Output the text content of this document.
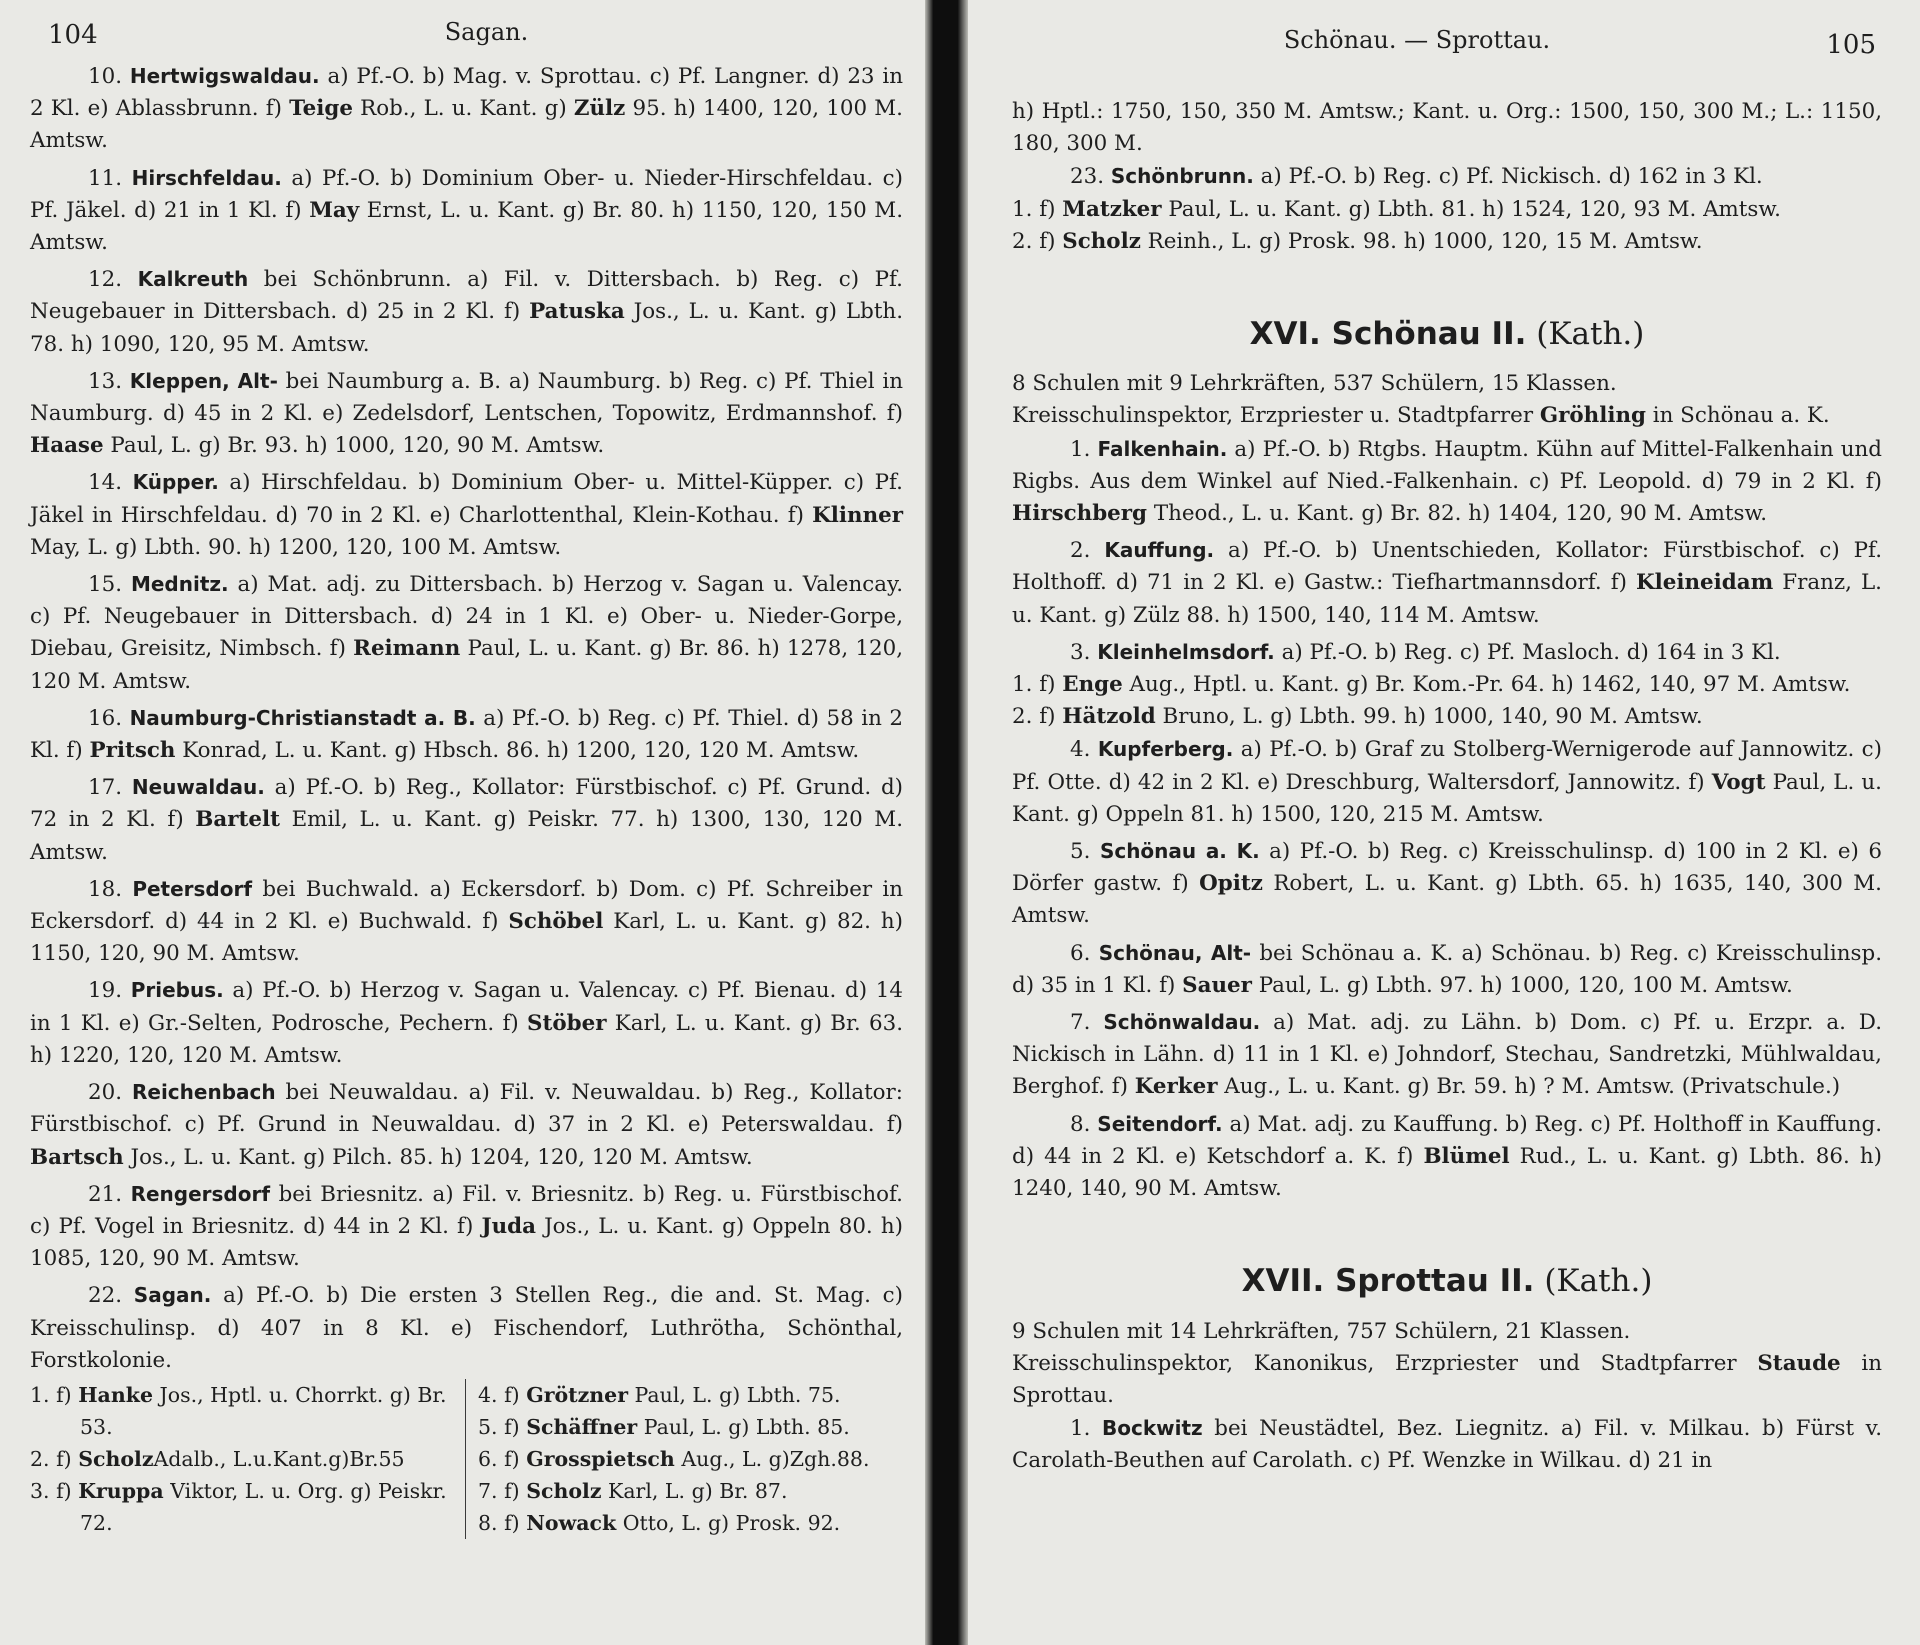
104	Sagan.

10. Hertwigswaldau. a) Pf.-O. b) Mag. v. Sprottau. c) Pf. Langner. d) 23 in 2 Kl. e) Ablassbrunn. f) Teige Rob., L. u. Kant. g) Zülz 95. h) 1400, 120, 100 M. Amtsw.

11. Hirschfeldau. a) Pf.-O. b) Dominium Ober- u. Nieder-Hirschfeldau. c) Pf. Jäkel. d) 21 in 1 Kl. f) May Ernst, L. u. Kant. g) Br. 80. h) 1150, 120, 150 M. Amtsw.

12. Kalkreuth bei Schönbrunn. a) Fil. v. Dittersbach. b) Reg. c) Pf. Neugebauer in Dittersbach. d) 25 in 2 Kl. f) Patuska Jos., L. u. Kant. g) Lbth. 78. h) 1090, 120, 95 M. Amtsw.

13. Kleppen, Alt- bei Naumburg a. B. a) Naumburg. b) Reg. c) Pf. Thiel in Naumburg. d) 45 in 2 Kl. e) Zedelsdorf, Lentschen, Topowitz, Erdmannshof. f) Haase Paul, L. g) Br. 93. h) 1000, 120, 90 M. Amtsw.

14. Küpper. a) Hirschfeldau. b) Dominium Ober- u. Mittel-Küpper. c) Pf. Jäkel in Hirschfeldau. d) 70 in 2 Kl. e) Charlottenthal, Klein-Kothau. f) Klinner May, L. g) Lbth. 90. h) 1200, 120, 100 M. Amtsw.

15. Mednitz. a) Mat. adj. zu Dittersbach. b) Herzog v. Sagan u. Valencay. c) Pf. Neugebauer in Dittersbach. d) 24 in 1 Kl. e) Ober- u. Nieder-Gorpe, Diebau, Greisitz, Nimbsch. f) Reimann Paul, L. u. Kant. g) Br. 86. h) 1278, 120, 120 M. Amtsw.

16. Naumburg-Christianstadt a. B. a) Pf.-O. b) Reg. c) Pf. Thiel. d) 58 in 2 Kl. f) Pritsch Konrad, L. u. Kant. g) Hbsch. 86. h) 1200, 120, 120 M. Amtsw.

17. Neuwaldau. a) Pf.-O. b) Reg., Kollator: Fürstbischof. c) Pf. Grund. d) 72 in 2 Kl. f) Bartelt Emil, L. u. Kant. g) Peiskr. 77. h) 1300, 130, 120 M. Amtsw.

18. Petersdorf bei Buchwald. a) Eckersdorf. b) Dom. c) Pf. Schreiber in Eckersdorf. d) 44 in 2 Kl. e) Buchwald. f) Schöbel Karl, L. u. Kant. g) 82. h) 1150, 120, 90 M. Amtsw.

19. Priebus. a) Pf.-O. b) Herzog v. Sagan u. Valencay. c) Pf. Bienau. d) 14 in 1 Kl. e) Gr.-Selten, Podrosche, Pechern. f) Stöber Karl, L. u. Kant. g) Br. 63. h) 1220, 120, 120 M. Amtsw.

20. Reichenbach bei Neuwaldau. a) Fil. v. Neuwaldau. b) Reg., Kollator: Fürstbischof. c) Pf. Grund in Neuwaldau. d) 37 in 2 Kl. e) Peterswaldau. f) Bartsch Jos., L. u. Kant. g) Pilch. 85. h) 1204, 120, 120 M. Amtsw.

21. Rengersdorf bei Briesnitz. a) Fil. v. Briesnitz. b) Reg. u. Fürstbischof. c) Pf. Vogel in Briesnitz. d) 44 in 2 Kl. f) Juda Jos., L. u. Kant. g) Oppeln 80. h) 1085, 120, 90 M. Amtsw.

22. Sagan. a) Pf.-O. b) Die ersten 3 Stellen Reg., die and. St. Mag. c) Kreisschulinsp. d) 407 in 8 Kl. e) Fischendorf, Luthrötha, Schönthal, Forstkolonie.

1. f) Hanke Jos., Hptl. u. Chorrkt. g) Br. 53.

2. f) ScholzAdalb., L.u.Kant.g)Br.55

3. f) Kruppa Viktor, L. u. Org. g) Peiskr. 72.

4. f) Grötzner Paul, L. g) Lbth. 75.

5. f) Schäffner Paul, L. g) Lbth. 85.

6. f) Grosspietsch Aug., L. g)Zgh.88.

7. f) Scholz Karl, L. g) Br. 87.

8. f) Nowack Otto, L. g) Prosk. 92.

Schönau. — Sprottau.	105

h) Hptl.: 1750, 150, 350 M. Amtsw.; Kant. u. Org.: 1500, 150, 300 M.; L.: 1150, 180, 300 M.

23. Schönbrunn. a) Pf.-O. b) Reg. c) Pf. Nickisch. d) 162 in 3 Kl.

1. f) Matzker Paul, L. u. Kant. g) Lbth. 81. h) 1524, 120, 93 M. Amtsw.

2. f) Scholz Reinh., L. g) Prosk. 98. h) 1000, 120, 15 M. Amtsw.

XVI. Schönau II. (Kath.)

8 Schulen mit 9 Lehrkräften, 537 Schülern, 15 Klassen.

Kreisschulinspektor, Erzpriester u. Stadtpfarrer Gröhling in Schönau a. K.

1. Falkenhain. a) Pf.-O. b) Rtgbs. Hauptm. Kühn auf Mittel-Falkenhain und Rigbs. Aus dem Winkel auf Nied.-Falkenhain. c) Pf. Leopold. d) 79 in 2 Kl. f) Hirschberg Theod., L. u. Kant. g) Br. 82. h) 1404, 120, 90 M. Amtsw.

2. Kauffung. a) Pf.-O. b) Unentschieden, Kollator: Fürstbischof. c) Pf. Holthoff. d) 71 in 2 Kl. e) Gastw.: Tiefhartmannsdorf. f) Kleineidam Franz, L. u. Kant. g) Zülz 88. h) 1500, 140, 114 M. Amtsw.

3. Kleinhelmsdorf. a) Pf.-O. b) Reg. c) Pf. Masloch. d) 164 in 3 Kl.

1. f) Enge Aug., Hptl. u. Kant. g) Br. Kom.-Pr. 64. h) 1462, 140, 97 M. Amtsw.

2. f) Hätzold Bruno, L. g) Lbth. 99. h) 1000, 140, 90 M. Amtsw.

4. Kupferberg. a) Pf.-O. b) Graf zu Stolberg-Wernigerode auf Jannowitz. c) Pf. Otte. d) 42 in 2 Kl. e) Dreschburg, Waltersdorf, Jannowitz. f) Vogt Paul, L. u. Kant. g) Oppeln 81. h) 1500, 120, 215 M. Amtsw.

5. Schönau a. K. a) Pf.-O. b) Reg. c) Kreisschulinsp. d) 100 in 2 Kl. e) 6 Dörfer gastw. f) Opitz Robert, L. u. Kant. g) Lbth. 65. h) 1635, 140, 300 M. Amtsw.

6. Schönau, Alt- bei Schönau a. K. a) Schönau. b) Reg. c) Kreisschulinsp. d) 35 in 1 Kl. f) Sauer Paul, L. g) Lbth. 97. h) 1000, 120, 100 M. Amtsw.

7. Schönwaldau. a) Mat. adj. zu Lähn. b) Dom. c) Pf. u. Erzpr. a. D. Nickisch in Lähn. d) 11 in 1 Kl. e) Johndorf, Stechau, Sandretzki, Mühlwaldau, Berghof. f) Kerker Aug., L. u. Kant. g) Br. 59. h) ? M. Amtsw. (Privatschule.)

8. Seitendorf. a) Mat. adj. zu Kauffung. b) Reg. c) Pf. Holthoff in Kauffung. d) 44 in 2 Kl. e) Ketschdorf a. K. f) Blümel Rud., L. u. Kant. g) Lbth. 86. h) 1240, 140, 90 M. Amtsw.

XVII. Sprottau II. (Kath.)

9 Schulen mit 14 Lehrkräften, 757 Schülern, 21 Klassen.

Kreisschulinspektor, Kanonikus, Erzpriester und Stadtpfarrer Staude in Sprottau.

1. Bockwitz bei Neustädtel, Bez. Liegnitz. a) Fil. v. Milkau. b) Fürst v. Carolath-Beuthen auf Carolath. c) Pf. Wenzke in Wilkau. d) 21 in
